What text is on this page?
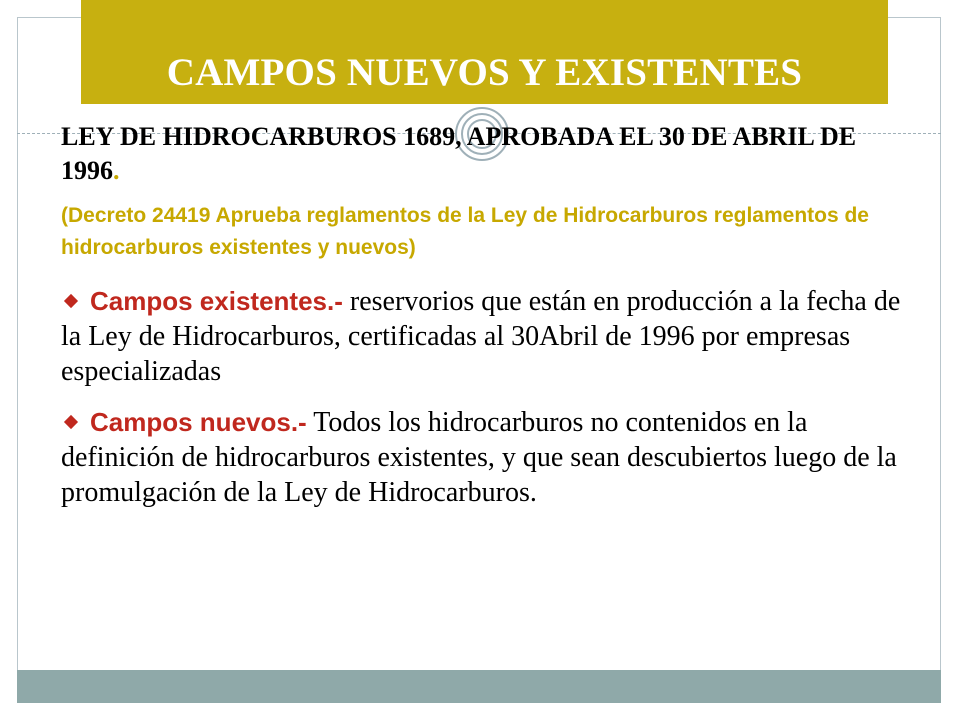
CAMPOS NUEVOS Y EXISTENTES

LEY DE HIDROCARBUROS 1689, APROBADA EL 30 DE ABRIL DE 1996.

(Decreto 24419 Aprueba reglamentos de la Ley de Hidrocarburos reglamentos de hidrocarburos existentes y nuevos)

Campos existentes.- reservorios que están en producción a la fecha de la Ley de Hidrocarburos, certificadas al 30Abril de 1996 por empresas especializadas

Campos nuevos.- Todos los hidrocarburos no contenidos en la definición de hidrocarburos existentes, y que sean descubiertos luego de la promulgación de la Ley de Hidrocarburos.
